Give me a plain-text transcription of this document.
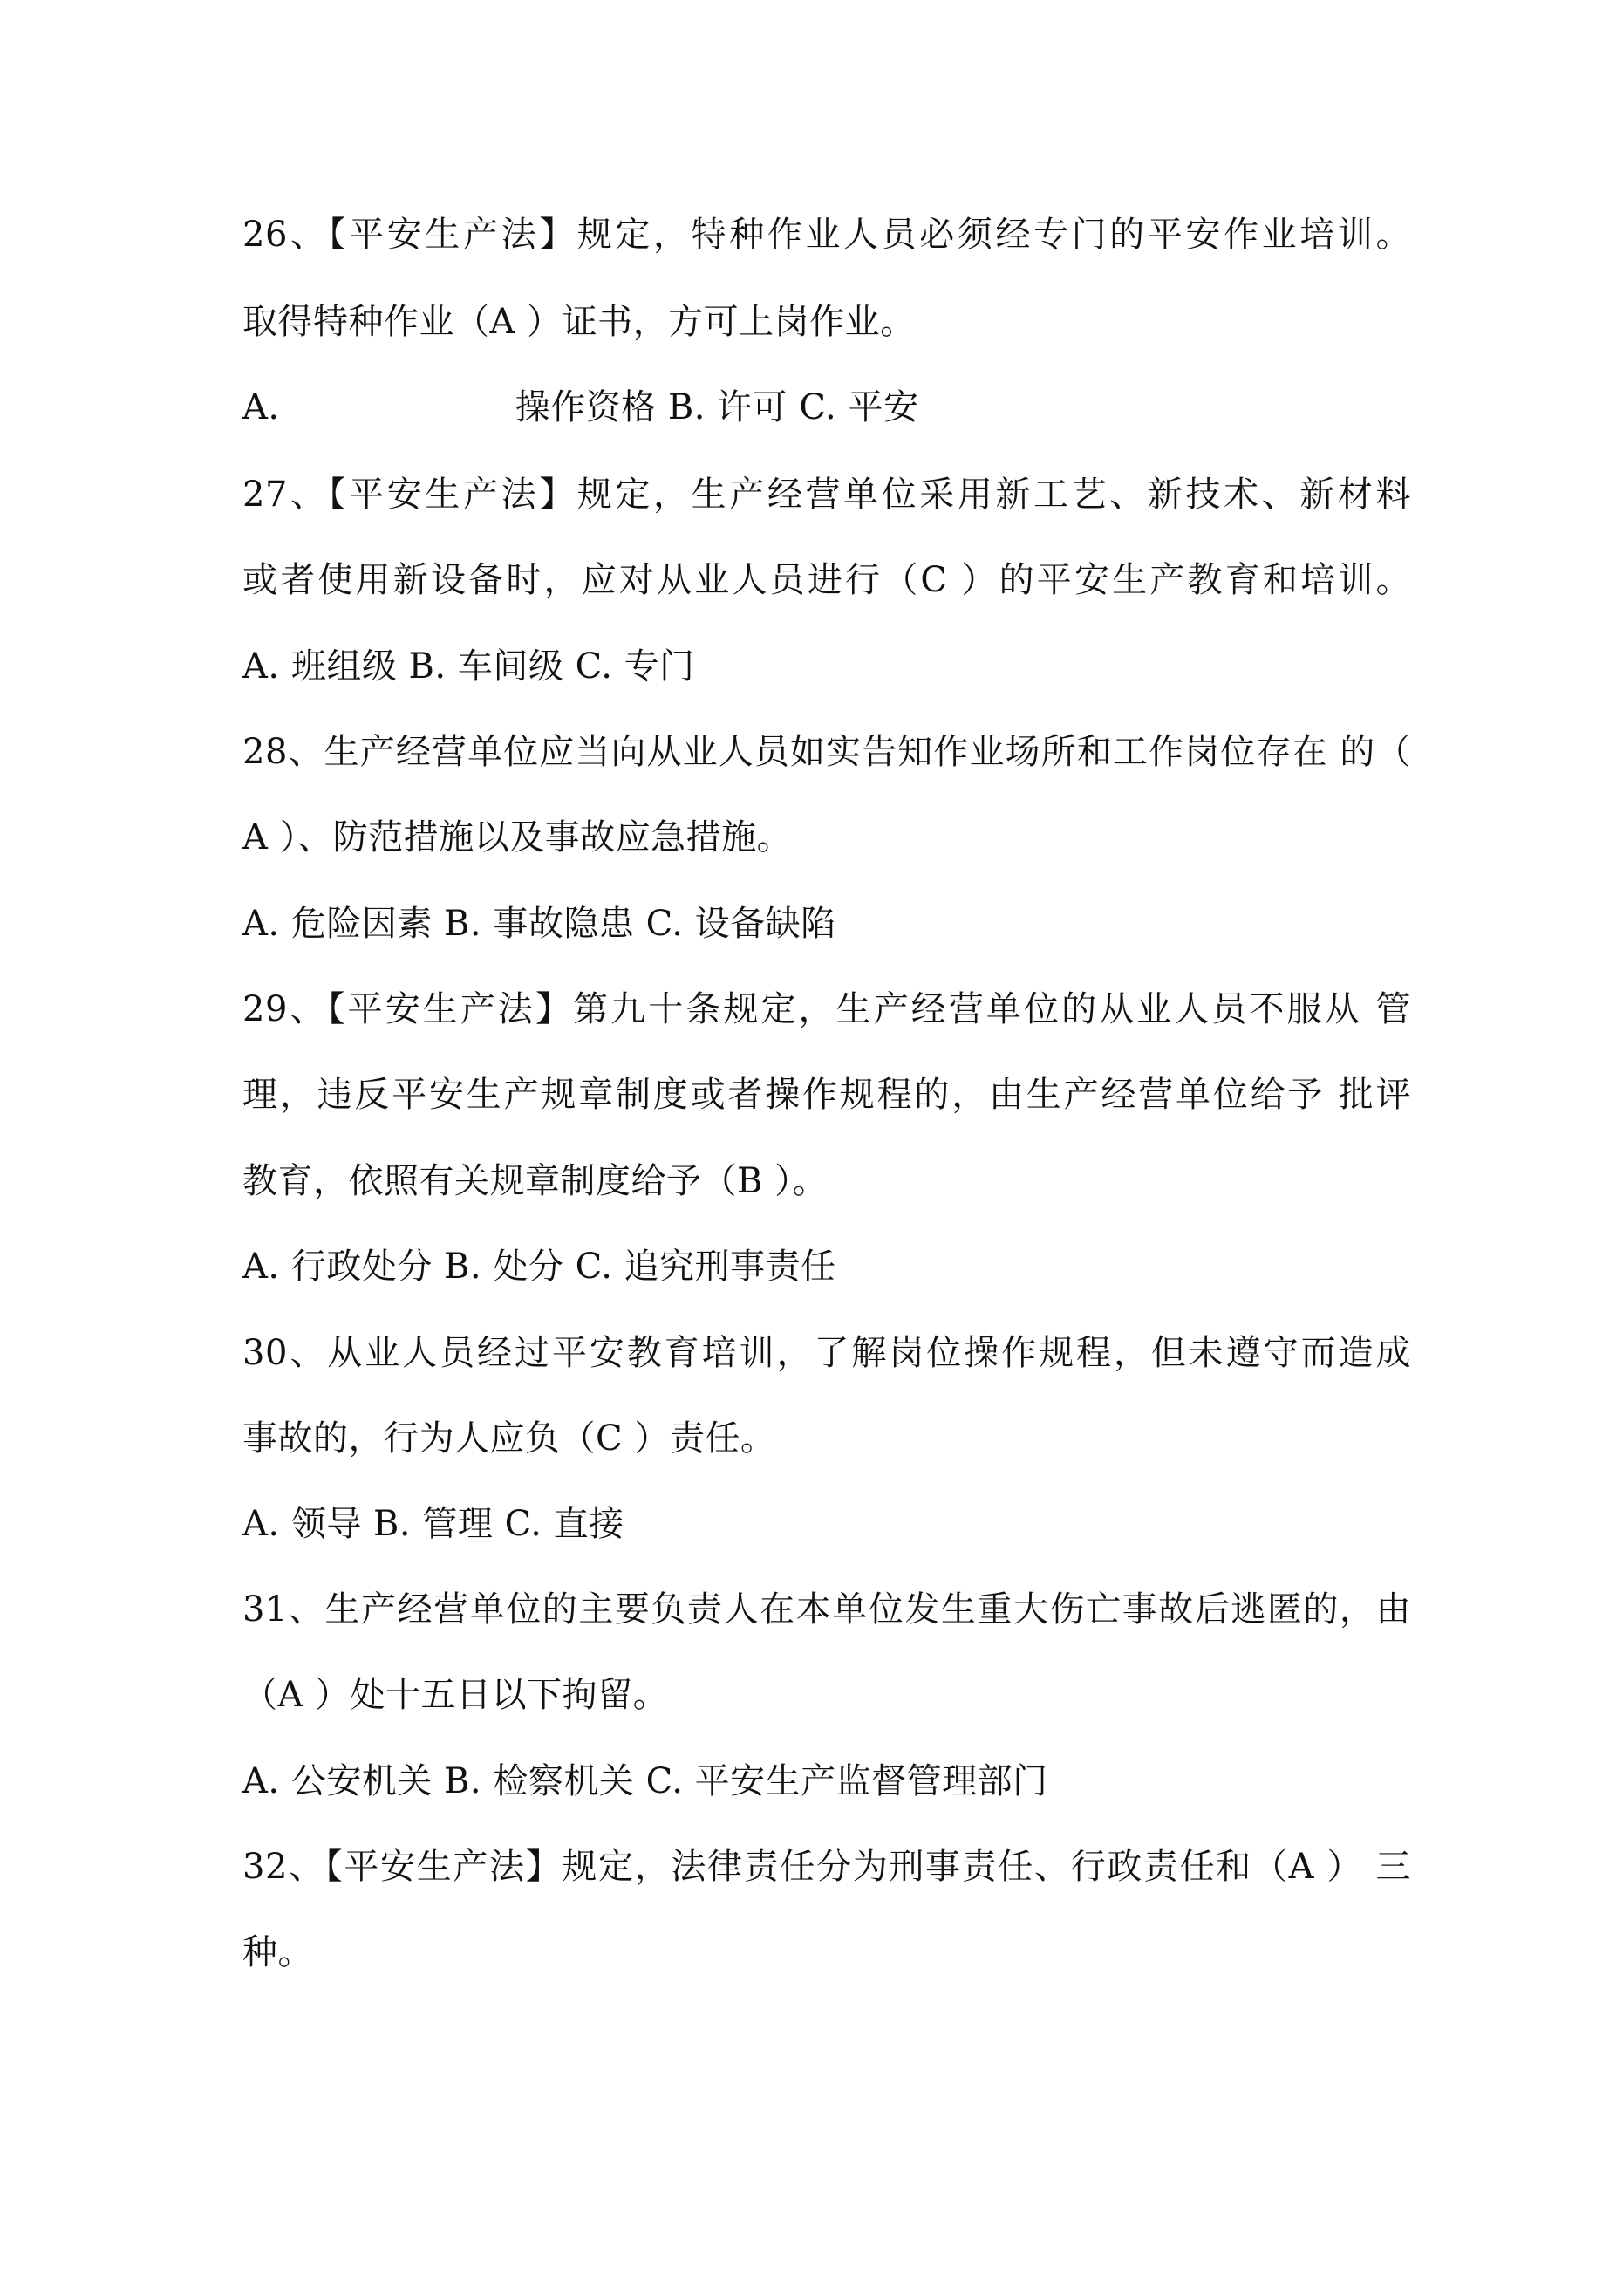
26、【平安生产法】规定，特种作业人员必须经专门的平安作业培训。
取得特种作业（A ）证书，方可上岗作业。
A.	操作资格 B. 许可 C. 平安
27、【平安生产法】规定，生产经营单位采用新工艺、新技术、新材料
或者使用新设备时，应对从业人员进行（C ）的平安生产教育和培训。
A. 班组级 B. 车间级 C. 专门
28、生产经营单位应当向从业人员如实告知作业场所和工作岗位存在 的（
A ）、防范措施以及事故应急措施。
A. 危险因素 B. 事故隐患 C. 设备缺陷
29、【平安生产法】第九十条规定，生产经营单位的从业人员不服从 管
理，违反平安生产规章制度或者操作规程的，由生产经营单位给予 批评
教育，依照有关规章制度给予（B ）。
A. 行政处分 B. 处分 C. 追究刑事责任
30、从业人员经过平安教育培训，了解岗位操作规程，但未遵守而造成
事故的，行为人应负（C ）责任。
A. 领导 B. 管理 C. 直接
31、生产经营单位的主要负责人在本单位发生重大伤亡事故后逃匿的，由
（A ）处十五日以下拘留。
A. 公安机关 B. 检察机关 C. 平安生产监督管理部门
32、【平安生产法】规定，法律责任分为刑事责任、行政责任和（A ） 三
种。
